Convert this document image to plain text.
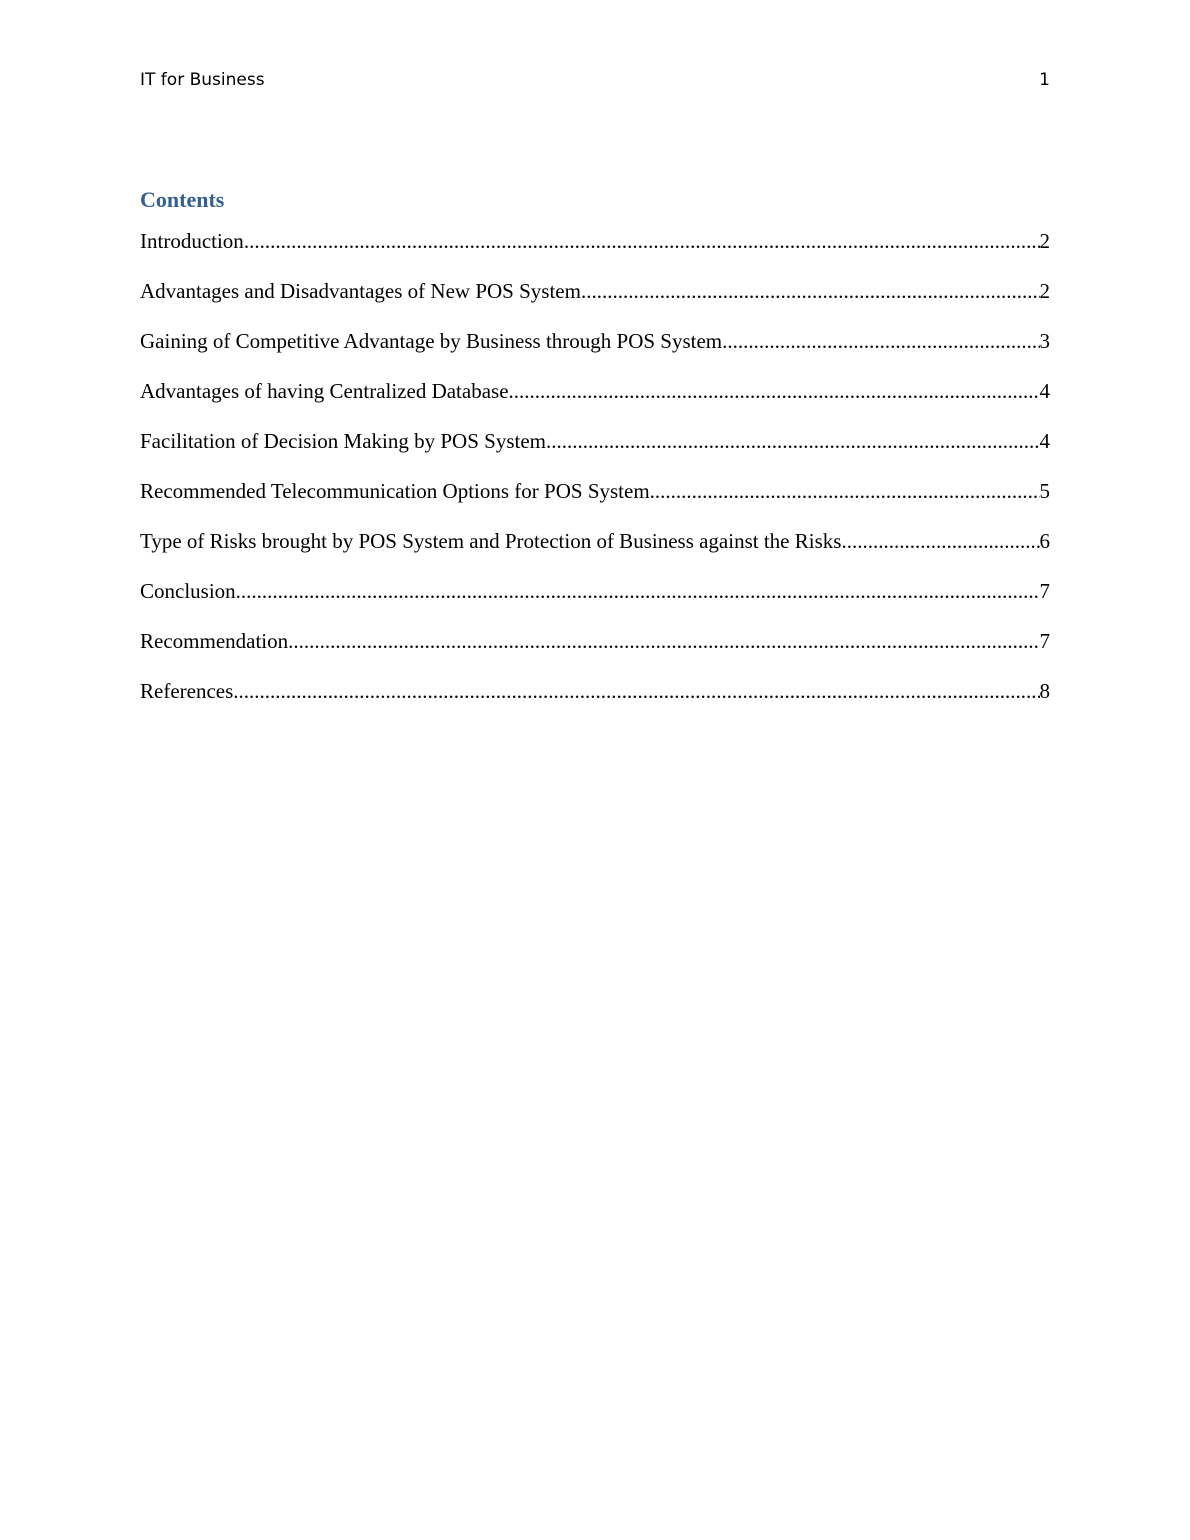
IT for Business	1
Contents
Introduction .....	2
Advantages and Disadvantages of New POS System .....	2
Gaining of Competitive Advantage by Business through POS System .....	3
Advantages of having Centralized Database .....	4
Facilitation of Decision Making by POS System .....	4
Recommended Telecommunication Options for POS System .....	5
Type of Risks brought by POS System and Protection of Business against the Risks .....	6
Conclusion .....	7
Recommendation .....	7
References .....	8
